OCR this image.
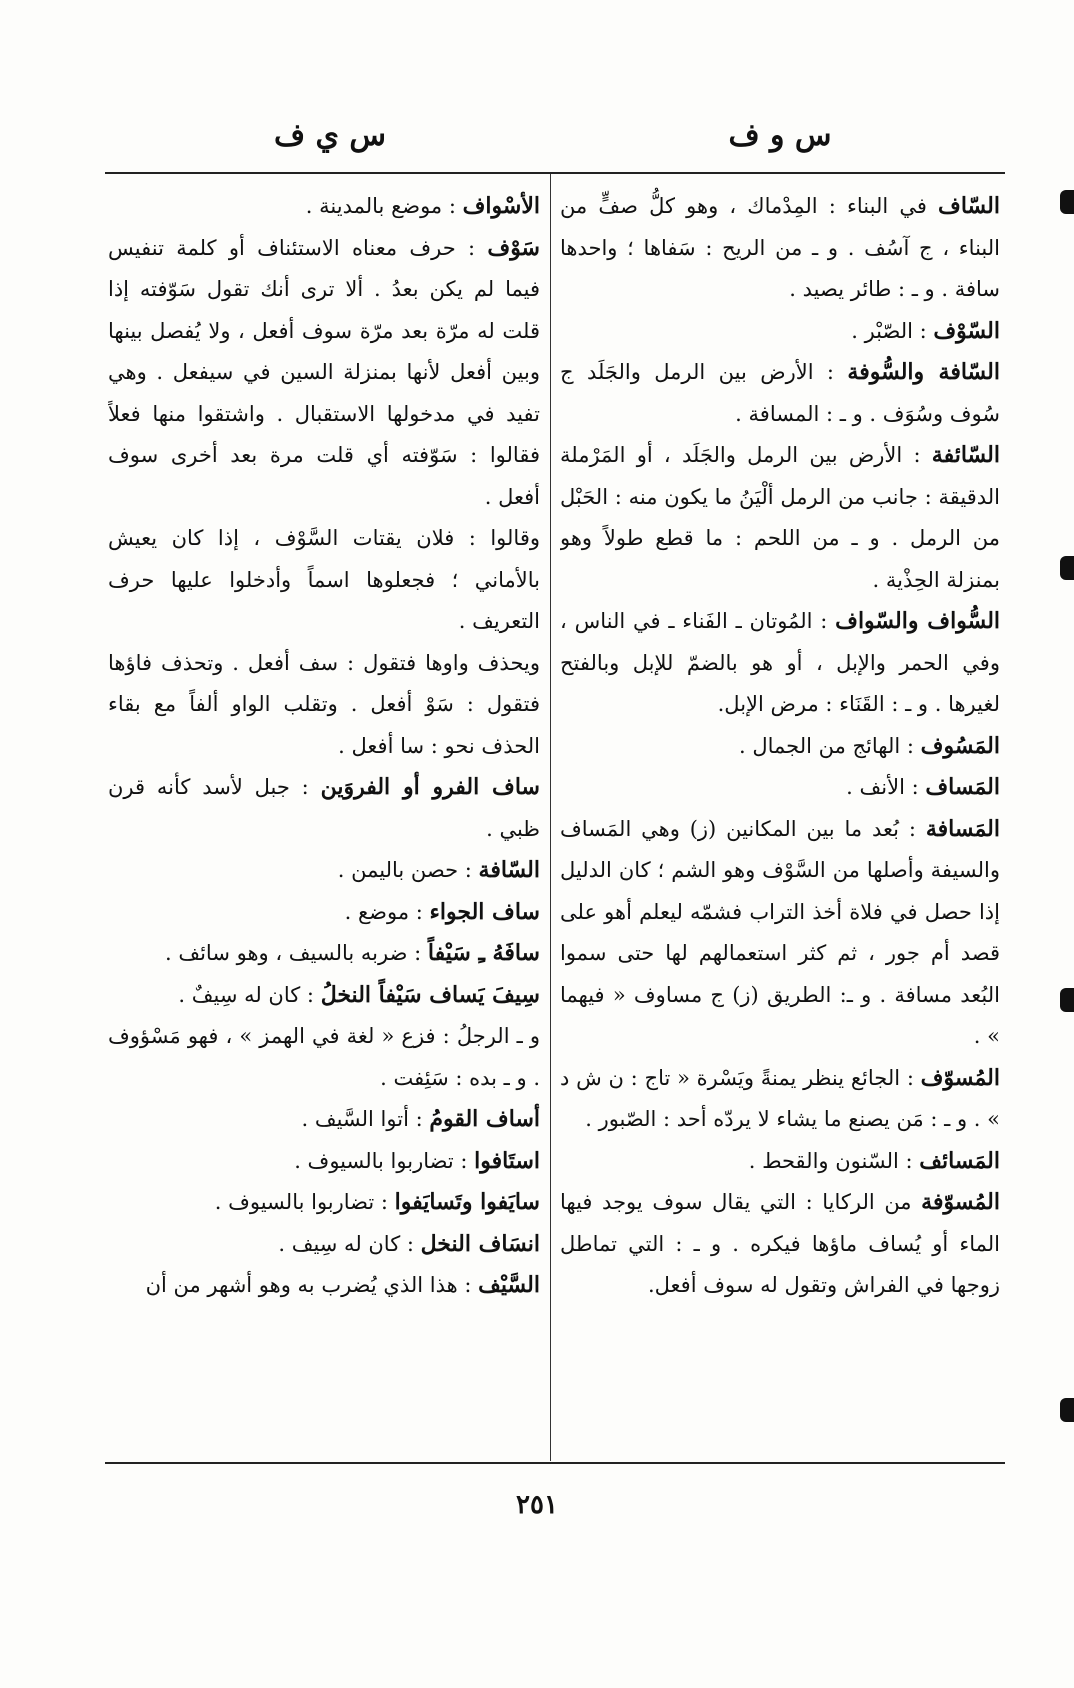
س و ف
س ي ف

السّاف في البناء : المِدْماك ، وهو كلُّ صفٍّ من البناء ، ج آسُف . و ـ من الريح : سَفاها ؛ واحدها سافة . و ـ : طائر يصيد .

السّوْف : الصّبْر .

السّافة والسُّوفة : الأرض بين الرمل والجَلَد ج سُوف وسُوَف . و ـ : المسافة .

السّائفة : الأرض بين الرمل والجَلَد ، أو المَرْملة الدقيقة : جانب من الرمل ألْيَنُ ما يكون منه : الحَبْل من الرمل . و ـ من اللحم : ما قطع طولاً وهو بمنزلة الحِذْية .

السُّواف والسّواف : المُوتان ـ الفَناء ـ في الناس ، وفي الحمر والإبل ، أو هو بالضمّ للإبل وبالفتح لغيرها . و ـ : القَنَاء : مرض الإبل.

المَسُوف : الهائج من الجمال .

المَساف : الأنف .

المَسافة : بُعد ما بين المكانين (ز) وهي المَساف والسيفة وأصلها من السَّوْف وهو الشم ؛ كان الدليل إذا حصل في فلاة أخذ التراب فشمّه ليعلم أهو على قصد أم جور ، ثم كثر استعمالهم لها حتى سموا البُعد مسافة . و ـ: الطريق (ز) ج مساوف « فيهما » .

المُسوّف : الجائع ينظر يمنةً ويَسْرة « تاج : ن ش د » . و ـ : مَن يصنع ما يشاء لا يردّه أحد : الصّبور .

المَسائف : السّنون والقحط .

المُسوّفة من الركايا : التي يقال سوف يوجد فيها الماء أو يُساف ماؤها فيكره . و ـ : التي تماطل زوجها في الفراش وتقول له سوف أفعل.

الأسْواف : موضع بالمدينة .

سَوْف : حرف معناه الاستئناف أو كلمة تنفيس فيما لم يكن بعدُ . ألا ترى أنك تقول سَوّفته إذا قلت له مرّة بعد مرّة سوف أفعل ، ولا يُفصل بينها وبين أفعل لأنها بمنزلة السين في سيفعل . وهي تفيد في مدخولها الاستقبال . واشتقوا منها فعلاً فقالوا : سَوّفته أي قلت مرة بعد أخرى سوف أفعل .

وقالوا : فلان يقتات السَّوْف ، إذا كان يعيش بالأماني ؛ فجعلوها اسماً وأدخلوا عليها حرف التعريف .

ويحذف واوها فتقول : سف أفعل . وتحذف فاؤها فتقول : سَوْ أفعل . وتقلب الواو ألفاً مع بقاء الحذف نحو : سا أفعل .

ساف الفرو أو الفروَين : جبل لأسد كأنه قرن ظبي .

السّافة : حصن باليمن .

ساف الجواء : موضع .

سافَهُ ـِ سَيْفاً : ضربه بالسيف ، وهو سائف .

سِيفَ يَساف سَيْفاً النخلُ : كان له سِيفٌ .

و ـ الرجلُ : فزع « لغة في الهمز » ، فهو مَسْؤوف . و ـ بده : سَئِفت .

أساف القومُ : أتوا السَّيف .

استَافوا : تضاربوا بالسيوف .

سايَفوا وتَسايَفوا : تضاربوا بالسيوف .

انسَاف النخل : كان له سِيف .

السَّيْف : هذا الذي يُضرب به وهو أشهر من أن

٢٥١
